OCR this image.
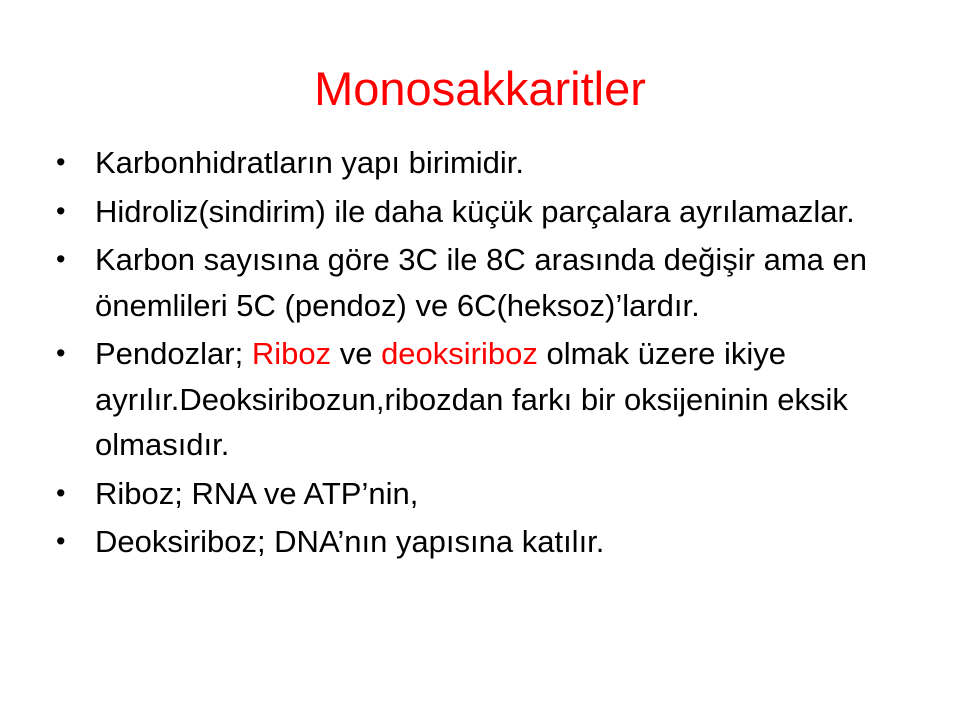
Monosakkaritler
• Karbonhidratların yapı birimidir.
• Hidroliz(sindirim) ile daha küçük parçalara ayrılamazlar.
• Karbon sayısına göre 3C ile 8C arasında değişir ama en önemlileri 5C (pendoz) ve 6C(heksoz)’lardır.
• Pendozlar; Riboz ve deoksiriboz olmak üzere ikiye ayrılır.Deoksiribozun,ribozdan farkı bir oksijeninin eksik olmasıdır.
• Riboz; RNA ve ATP’nin,
• Deoksiriboz; DNA’nın yapısına katılır.
